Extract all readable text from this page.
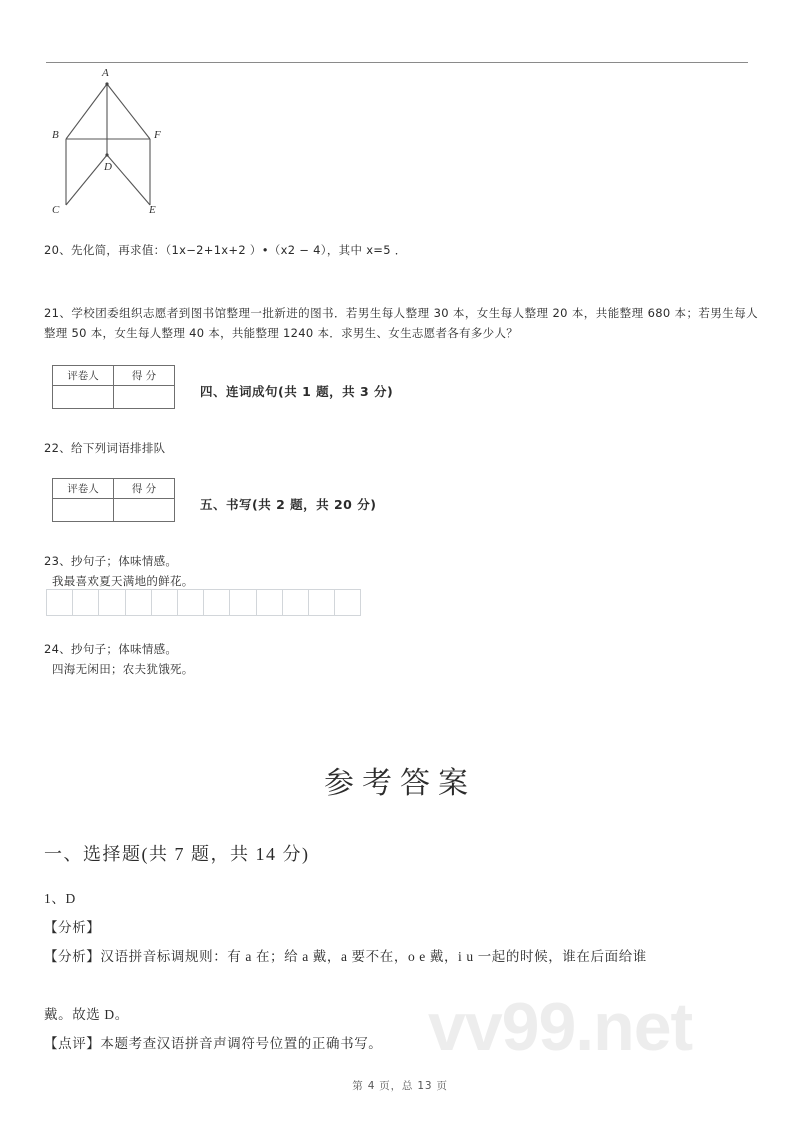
vv99.net
A
B
C
D
E
F
20、先化简，再求值：（1x−2+1x+2 ）•（x2 − 4），其中 x=5 ．
21、学校团委组织志愿者到图书馆整理一批新进的图书．若男生每人整理 30 本，女生每人整理 20 本，共能整理 680 本；若男生每人整理 50 本，女生每人整理 40 本，共能整理 1240 本．求男生、女生志愿者各有多少人？
评卷人	得 分

四、连词成句(共 1 题，共 3 分)
22、给下列词语排排队
评卷人	得 分

五、书写(共 2 题，共 20 分)
23、抄句子；体味情感。
我最喜欢夏天满地的鲜花。
24、抄句子；体味情感。
四海无闲田；农夫犹饿死。
参考答案
一、选择题(共 7 题，共 14 分)
1、D
【分析】
【分析】汉语拼音标调规则：有 a 在；给 a 戴，a 要不在，o e 戴，i u 一起的时候，谁在后面给谁
戴。故选 D。
【点评】本题考查汉语拼音声调符号位置的正确书写。
第 4 页，总 13 页
